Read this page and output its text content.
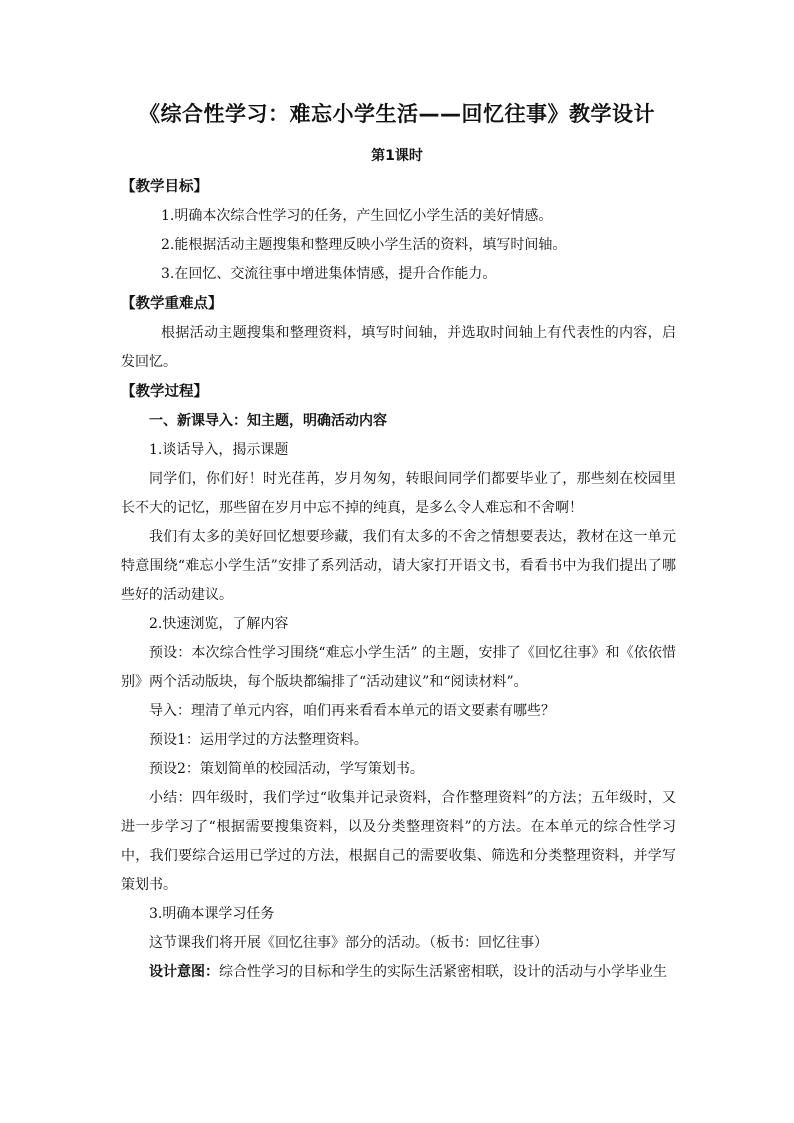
《综合性学习：难忘小学生活——回忆往事》教学设计
第1课时

【教学目标】

1.明确本次综合性学习的任务，产生回忆小学生活的美好情感。

2.能根据活动主题搜集和整理反映小学生活的资料，填写时间轴。

3.在回忆、交流往事中增进集体情感，提升合作能力。

【教学重难点】

根据活动主题搜集和整理资料，填写时间轴，并选取时间轴上有代表性的内容，启发回忆。

【教学过程】

一、新课导入：知主题，明确活动内容

1.谈话导入，揭示课题

同学们，你们好！时光荏苒，岁月匆匆，转眼间同学们都要毕业了，那些刻在校园里长不大的记忆，那些留在岁月中忘不掉的纯真，是多么令人难忘和不舍啊！

我们有太多的美好回忆想要珍藏，我们有太多的不舍之情想要表达，教材在这一单元特意围绕“难忘小学生活”安排了系列活动，请大家打开语文书，看看书中为我们提出了哪些好的活动建议。

2.快速浏览，了解内容

预设：本次综合性学习围绕“难忘小学生活” 的主题，安排了《回忆往事》和《依依惜别》两个活动版块，每个版块都编排了“活动建议”和“阅读材料”。

导入：理清了单元内容，咱们再来看看本单元的语文要素有哪些？

预设1：运用学过的方法整理资料。

预设2：策划简单的校园活动，学写策划书。

小结：四年级时，我们学过“收集并记录资料，合作整理资料”的方法；五年级时，又进一步学习了“根据需要搜集资料，以及分类整理资料”的方法。在本单元的综合性学习中，我们要综合运用已学过的方法，根据自己的需要收集、筛选和分类整理资料，并学写策划书。

3.明确本课学习任务

这节课我们将开展《回忆往事》部分的活动。（板书：回忆往事）

设计意图：综合性学习的目标和学生的实际生活紧密相联，设计的活动与小学毕业生
